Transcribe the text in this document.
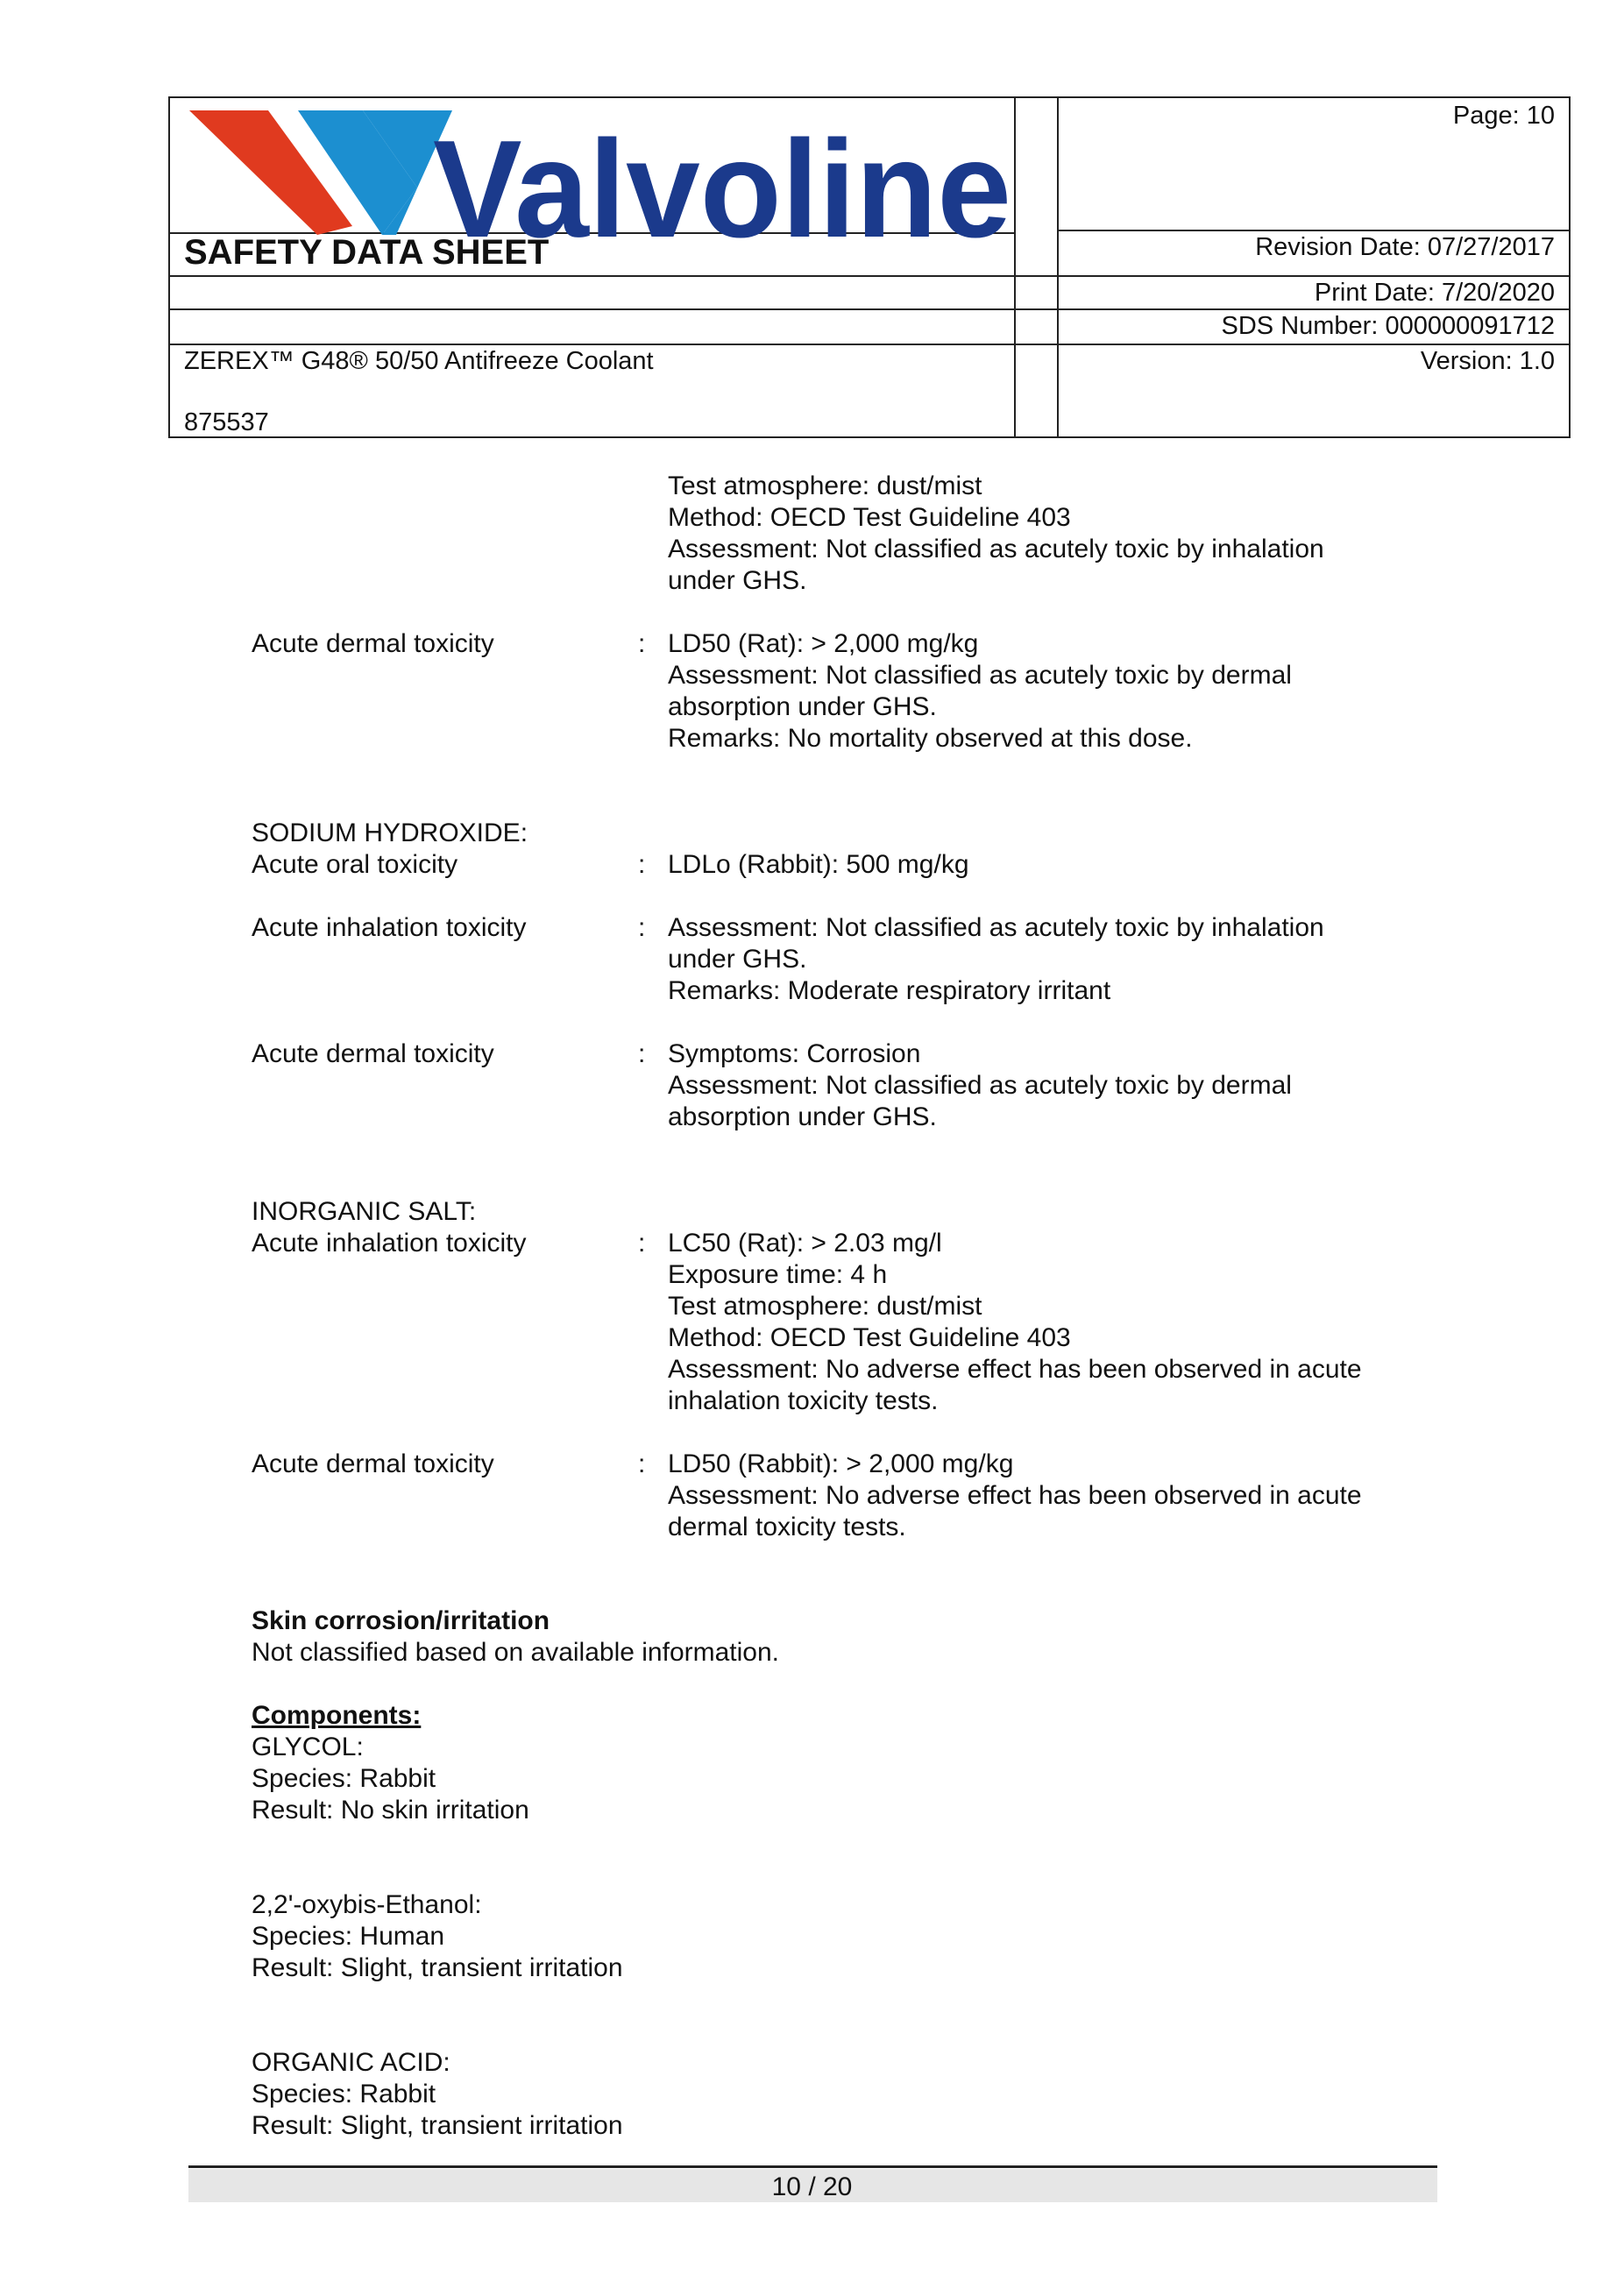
Valvoline
SAFETY DATA SHEET
Page: 10
Revision Date: 07/27/2017
Print Date: 7/20/2020
SDS Number: 000000091712
Version: 1.0
ZEREX™ G48® 50/50 Antifreeze Coolant
875537
Test atmosphere: dust/mist
Method: OECD Test Guideline 403
Assessment: Not classified as acutely toxic by inhalation
under GHS.
Acute dermal toxicity	: LD50 (Rat): > 2,000 mg/kg
Assessment: Not classified as acutely toxic by dermal
absorption under GHS.
Remarks: No mortality observed at this dose.
SODIUM HYDROXIDE:
Acute oral toxicity	: LDLo (Rabbit): 500 mg/kg
Acute inhalation toxicity	: Assessment: Not classified as acutely toxic by inhalation
under GHS.
Remarks: Moderate respiratory irritant
Acute dermal toxicity	: Symptoms: Corrosion
Assessment: Not classified as acutely toxic by dermal
absorption under GHS.
INORGANIC SALT:
Acute inhalation toxicity	: LC50 (Rat): > 2.03 mg/l
Exposure time: 4 h
Test atmosphere: dust/mist
Method: OECD Test Guideline 403
Assessment: No adverse effect has been observed in acute
inhalation toxicity tests.
Acute dermal toxicity	: LD50 (Rabbit): > 2,000 mg/kg
Assessment: No adverse effect has been observed in acute
dermal toxicity tests.
Skin corrosion/irritation
Not classified based on available information.
Components:
GLYCOL:
Species: Rabbit
Result: No skin irritation
2,2'-oxybis-Ethanol:
Species: Human
Result: Slight, transient irritation
ORGANIC ACID:
Species: Rabbit
Result: Slight, transient irritation
10 / 20
